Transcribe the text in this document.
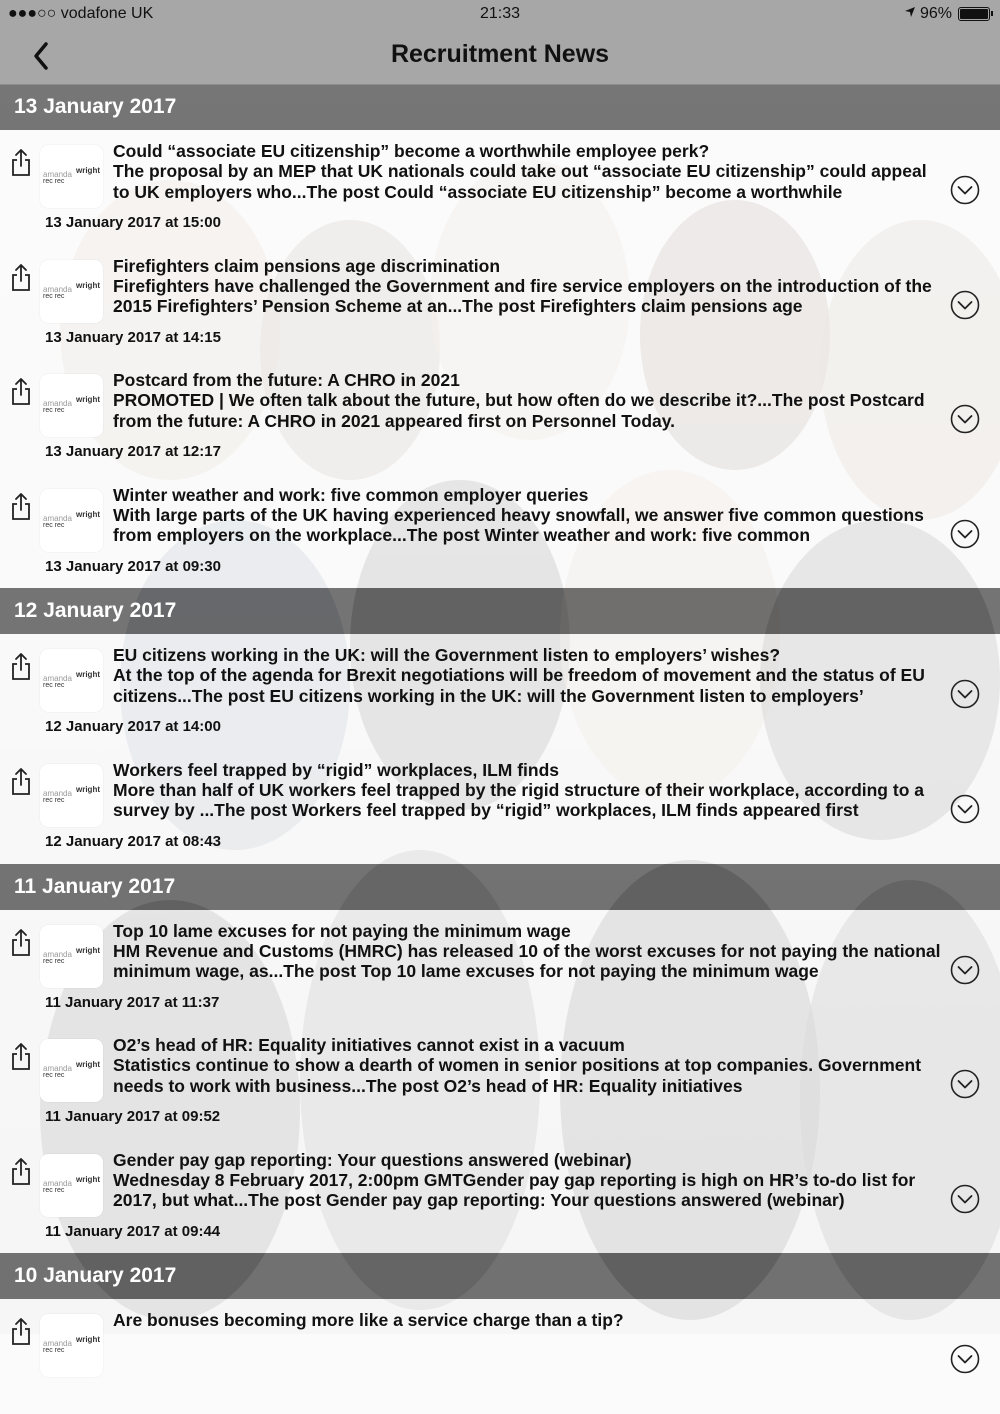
●●●○○ vodafone UK	21:33	96%
Recruitment News
13 January 2017
amanda wright
rec rec
Could “associate EU citizenship” become a worthwhile employee perk?
The proposal by an MEP that UK nationals could take out “associate EU citizenship” could appeal to UK employers who...The post Could “associate EU citizenship” become a worthwhile
13 January 2017 at 15:00
amanda wright
rec rec
Firefighters claim pensions age discrimination
Firefighters have challenged the Government and fire service employers on the introduction of the 2015 Firefighters’ Pension Scheme at an...The post Firefighters claim pensions age
13 January 2017 at 14:15
amanda wright
rec rec
Postcard from the future: A CHRO in 2021
PROMOTED | We often talk about the future, but how often do we describe it?...The post Postcard from the future: A CHRO in 2021 appeared first on Personnel Today.
13 January 2017 at 12:17
amanda wright
rec rec
Winter weather and work: five common employer queries
With large parts of the UK having experienced heavy snowfall, we answer five common questions from employers on the workplace...The post Winter weather and work: five common
13 January 2017 at 09:30
12 January 2017
amanda wright
rec rec
EU citizens working in the UK: will the Government listen to employers’ wishes?
At the top of the agenda for Brexit negotiations will be freedom of movement and the status of EU citizens...The post EU citizens working in the UK: will the Government listen to employers’
12 January 2017 at 14:00
amanda wright
rec rec
Workers feel trapped by “rigid” workplaces, ILM finds
More than half of UK workers feel trapped by the rigid structure of their workplace, according to a survey by ...The post Workers feel trapped by “rigid” workplaces, ILM finds appeared first
12 January 2017 at 08:43
11 January 2017
amanda wright
rec rec
Top 10 lame excuses for not paying the minimum wage
HM Revenue and Customs (HMRC) has released 10 of the worst excuses for not paying the national minimum wage, as...The post Top 10 lame excuses for not paying the minimum wage
11 January 2017 at 11:37
amanda wright
rec rec
O2’s head of HR: Equality initiatives cannot exist in a vacuum
Statistics continue to show a dearth of women in senior positions at top companies. Government needs to work with business...The post O2’s head of HR: Equality initiatives
11 January 2017 at 09:52
amanda wright
rec rec
Gender pay gap reporting: Your questions answered (webinar)
Wednesday 8 February 2017, 2:00pm GMTGender pay gap reporting is high on HR’s to-do list for 2017, but what...The post Gender pay gap reporting: Your questions answered (webinar)
11 January 2017 at 09:44
10 January 2017
amanda wright
rec rec
Are bonuses becoming more like a service charge than a tip?
